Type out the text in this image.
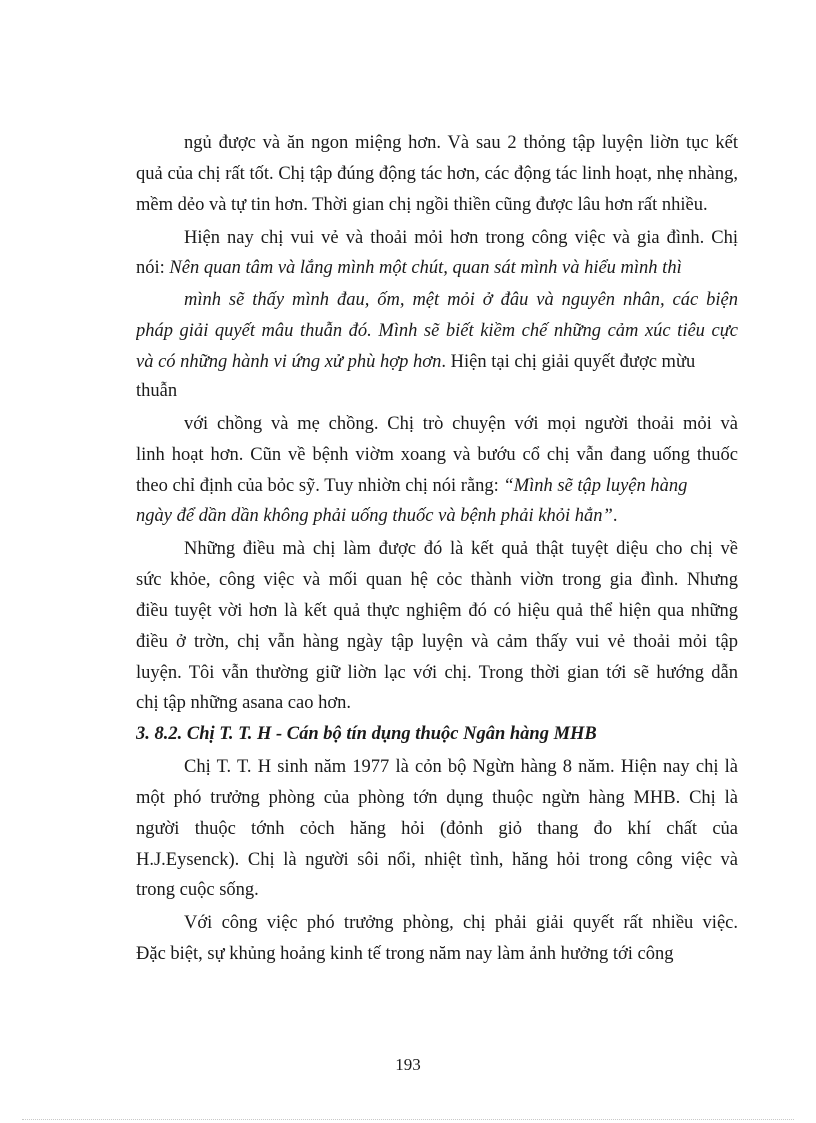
ngủ được và ăn ngon miệng hơn. Và sau 2 thỏng tập luyện liờn tục kết
quả của chị rất tốt. Chị tập đúng động tác hơn, các động tác linh hoạt, nhẹ nhàng,
mềm dẻo và tự tin hơn. Thời gian chị ngồi thiền cũng được lâu hơn rất nhiều.
Hiện nay chị vui vẻ và thoải mỏi hơn trong công việc và gia đình. Chị
nói: Nên quan tâm và lắng mình một chút, quan sát mình và hiểu mình thì
mình sẽ thấy mình đau, ốm, mệt mỏi ở đâu và nguyên nhân, các biện
pháp giải quyết mâu thuẫn đó. Mình sẽ biết kiềm chế những cảm xúc tiêu cực
và có những hành vi ứng xử phù hợp hơn. Hiện tại chị giải quyết được mừu
thuẫn
với chồng và mẹ chồng. Chị trò chuyện với mọi người thoải mỏi và
linh hoạt hơn. Cũn về bệnh viờm xoang và bướu cổ chị vẫn đang uống thuốc
theo chỉ định của bỏc sỹ. Tuy nhiờn chị nói rằng: “Mình sẽ tập luyện hàng
ngày để dần dần không phải uống thuốc và bệnh phải khỏi hẳn”.
Những điều mà chị làm được đó là kết quả thật tuyệt diệu cho chị về
sức khỏe, công việc và mối quan hệ cỏc thành viờn trong gia đình. Nhưng
điều tuyệt vời hơn là kết quả thực nghiệm đó có hiệu quả thể hiện qua những
điều ở trờn, chị vẫn hàng ngày tập luyện và cảm thấy vui vẻ thoải mỏi tập
luyện. Tôi vẫn thường giữ liờn lạc với chị. Trong thời gian tới sẽ hướng dẫn
chị tập những asana cao hơn.
3. 8.2. Chị T. T. H - Cán bộ tín dụng thuộc Ngân hàng MHB
Chị T. T. H sinh năm 1977 là cỏn bộ Ngừn hàng 8 năm. Hiện nay chị là
một phó trưởng phòng của phòng tớn dụng thuộc ngừn hàng MHB. Chị là
người thuộc tớnh cỏch hăng hỏi (đỏnh giỏ thang đo khí chất của
H.J.Eysenck). Chị là người sôi nổi, nhiệt tình, hăng hỏi trong công việc và
trong cuộc sống.
Với công việc phó trưởng phòng, chị phải giải quyết rất nhiều việc.
Đặc biệt, sự khủng hoảng kinh tế trong năm nay làm ảnh hưởng tới công
193
